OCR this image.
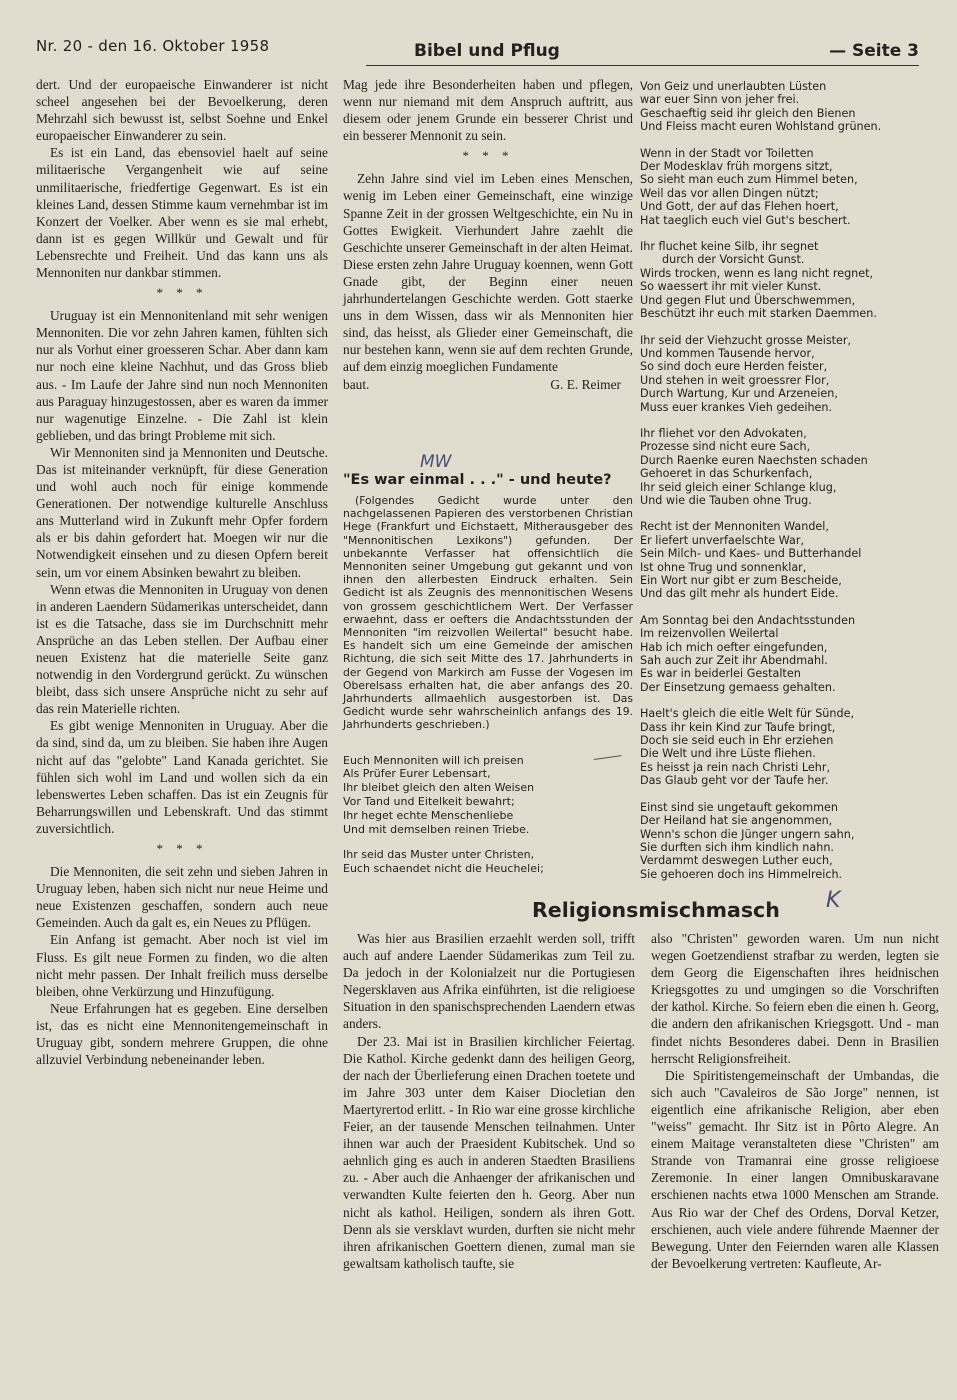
Nr. 20 - den 16. Oktober 1958	Bibel und Pflug	— Seite 3

dert. Und der europaeische Einwanderer ist nicht scheel angesehen bei der Bevoelkerung, deren Mehrzahl sich bewusst ist, selbst Soehne und Enkel europaeischer Einwanderer zu sein.

Es ist ein Land, das ebensoviel haelt auf seine militaerische Vergangenheit wie auf seine unmilitaerische, friedfertige Gegenwart. Es ist ein kleines Land, dessen Stimme kaum vernehmbar ist im Konzert der Voelker. Aber wenn es sie mal erhebt, dann ist es gegen Willkür und Gewalt und für Lebensrechte und Freiheit. Und das kann uns als Mennoniten nur dankbar stimmen.

* * *

Uruguay ist ein Mennonitenland mit sehr wenigen Mennoniten. Die vor zehn Jahren kamen, fühlten sich nur als Vorhut einer groesseren Schar. Aber dann kam nur noch eine kleine Nachhut, und das Gross blieb aus. - Im Laufe der Jahre sind nun noch Mennoniten aus Paraguay hinzugestossen, aber es waren da immer nur wagenutige Einzelne. - Die Zahl ist klein geblieben, und das bringt Probleme mit sich.

Wir Mennoniten sind ja Mennoniten und Deutsche. Das ist miteinander verknüpft, für diese Generation und wohl auch noch für einige kommende Generationen. Der notwendige kulturelle Anschluss ans Mutterland wird in Zukunft mehr Opfer fordern als er bis dahin gefordert hat. Moegen wir nur die Notwendigkeit einsehen und zu diesen Opfern bereit sein, um vor einem Absinken bewahrt zu bleiben.

Wenn etwas die Mennoniten in Uruguay von denen in anderen Laendern Südamerikas unterscheidet, dann ist es die Tatsache, dass sie im Durchschnitt mehr Ansprüche an das Leben stellen. Der Aufbau einer neuen Existenz hat die materielle Seite ganz notwendig in den Vordergrund gerückt. Zu wünschen bleibt, dass sich unsere Ansprüche nicht zu sehr auf das rein Materielle richten.

Es gibt wenige Mennoniten in Uruguay. Aber die da sind, sind da, um zu bleiben. Sie haben ihre Augen nicht auf das "gelobte" Land Kanada gerichtet. Sie fühlen sich wohl im Land und wollen sich da ein lebenswertes Leben schaffen. Das ist ein Zeugnis für Beharrungswillen und Lebenskraft. Und das stimmt zuversichtlich.

* * *

Die Mennoniten, die seit zehn und sieben Jahren in Uruguay leben, haben sich nicht nur neue Heime und neue Existenzen geschaffen, sondern auch neue Gemeinden. Auch da galt es, ein Neues zu Pflügen.

Ein Anfang ist gemacht. Aber noch ist viel im Fluss. Es gilt neue Formen zu finden, wo die alten nicht mehr passen. Der Inhalt freilich muss derselbe bleiben, ohne Verkürzung und Hinzufügung.

Neue Erfahrungen hat es gegeben. Eine derselben ist, das es nicht eine Mennonitengemeinschaft in Uruguay gibt, sondern mehrere Gruppen, die ohne allzuviel Verbindung nebeneinander leben.

Mag jede ihre Besonderheiten haben und pflegen, wenn nur niemand mit dem Anspruch auftritt, aus diesem oder jenem Grunde ein besserer Christ und ein besserer Mennonit zu sein.

* * *

Zehn Jahre sind viel im Leben eines Menschen, wenig im Leben einer Gemeinschaft, eine winzige Spanne Zeit in der grossen Weltgeschichte, ein Nu in Gottes Ewigkeit. Vierhundert Jahre zaehlt die Geschichte unserer Gemeinschaft in der alten Heimat. Diese ersten zehn Jahre Uruguay koennen, wenn Gott Gnade gibt, der Beginn einer neuen jahrhundertelangen Geschichte werden. Gott staerke uns in dem Wissen, dass wir als Mennoniten hier sind, das heisst, als Glieder einer Gemeinschaft, die nur bestehen kann, wenn sie auf dem rechten Grunde, auf dem einzig moeglichen Fundamente

baut.	G. E. Reimer
MW
"Es war einmal . . ." - und heute?

(Folgendes Gedicht wurde unter den nachgelassenen Papieren des verstorbenen Christian Hege (Frankfurt und Eichstaett, Mitherausgeber des "Mennonitischen Lexikons") gefunden. Der unbekannte Verfasser hat offensichtlich die Mennoniten seiner Umgebung gut gekannt und von ihnen den allerbesten Eindruck erhalten. Sein Gedicht ist als Zeugnis des mennonitischen Wesens von grossem geschichtlichem Wert. Der Verfasser erwaehnt, dass er oefters die Andachtsstunden der Mennoniten "im reizvollen Weilertal" besucht habe. Es handelt sich um eine Gemeinde der amischen Richtung, die sich seit Mitte des 17. Jahrhunderts in der Gegend von Markirch am Fusse der Vogesen im Oberelsass erhalten hat, die aber anfangs des 20. Jahrhunderts allmaehlich ausgestorben ist. Das Gedicht wurde sehr wahrscheinlich anfangs des 19. Jahrhunderts geschrieben.)

Euch Mennoniten will ich preisen
Als Prüfer Eurer Lebensart,
Ihr bleibet gleich den alten Weisen
Vor Tand und Eitelkeit bewahrt;
Ihr heget echte Menschenliebe
Und mit demselben reinen Triebe.
Ihr seid das Muster unter Christen,
Euch schaendet nicht die Heuchelei;
Von Geiz und unerlaubten Lüsten
war euer Sinn von jeher frei.
Geschaeftig seid ihr gleich den Bienen
Und Fleiss macht euren Wohlstand grünen.
Wenn in der Stadt vor Toiletten
Der Modesklav früh morgens sitzt,
So sieht man euch zum Himmel beten,
Weil das vor allen Dingen nützt;
Und Gott, der auf das Flehen hoert,
Hat taeglich euch viel Gut's beschert.
Ihr fluchet keine Silb, ihr segnet
durch der Vorsicht Gunst.
Wirds trocken, wenn es lang nicht regnet,
So waessert ihr mit vieler Kunst.
Und gegen Flut und Überschwemmen,
Beschützt ihr euch mit starken Daemmen.
Ihr seid der Viehzucht grosse Meister,
Und kommen Tausende hervor,
So sind doch eure Herden feister,
Und stehen in weit groessrer Flor,
Durch Wartung, Kur und Arzeneien,
Muss euer krankes Vieh gedeihen.
Ihr fliehet vor den Advokaten,
Prozesse sind nicht eure Sach,
Durch Raenke euren Naechsten schaden
Gehoeret in das Schurkenfach,
Ihr seid gleich einer Schlange klug,
Und wie die Tauben ohne Trug.
Recht ist der Mennoniten Wandel,
Er liefert unverfaelschte War,
Sein Milch- und Kaes- und Butterhandel
Ist ohne Trug und sonnenklar,
Ein Wort nur gibt er zum Bescheide,
Und das gilt mehr als hundert Eide.
Am Sonntag bei den Andachtsstunden
Im reizenvollen Weilertal
Hab ich mich oefter eingefunden,
Sah auch zur Zeit ihr Abendmahl.
Es war in beiderlei Gestalten
Der Einsetzung gemaess gehalten.
Haelt's gleich die eitle Welt für Sünde,
Dass ihr kein Kind zur Taufe bringt,
Doch sie seid euch in Ehr erziehen
Die Welt und ihre Lüste fliehen.
Es heisst ja rein nach Christi Lehr,
Das Glaub geht vor der Taufe her.
Einst sind sie ungetauft gekommen
Der Heiland hat sie angenommen,
Wenn's schon die Jünger ungern sahn,
Sie durften sich ihm kindlich nahn.
Verdammt deswegen Luther euch,
Sie gehoeren doch ins Himmelreich.
Religionsmischmasch K

Was hier aus Brasilien erzaehlt werden soll, trifft auch auf andere Laender Südamerikas zum Teil zu. Da jedoch in der Kolonialzeit nur die Portugiesen Negersklaven aus Afrika einführten, ist die religioese Situation in den spanischsprechenden Laendern etwas anders.

Der 23. Mai ist in Brasilien kirchlicher Feiertag. Die Kathol. Kirche gedenkt dann des heiligen Georg, der nach der Überlieferung einen Drachen toetete und im Jahre 303 unter dem Kaiser Diocletian den Maertyrertod erlitt. - In Rio war eine grosse kirchliche Feier, an der tausende Menschen teilnahmen. Unter ihnen war auch der Praesident Kubitschek. Und so aehnlich ging es auch in anderen Staedten Brasiliens zu. - Aber auch die Anhaenger der afrikanischen und verwandten Kulte feierten den h. Georg. Aber nun nicht als kathol. Heiligen, sondern als ihren Gott. Denn als sie versklavt wurden, durften sie nicht mehr ihren afrikanischen Goettern dienen, zumal man sie gewaltsam katholisch taufte, sie

also "Christen" geworden waren. Um nun nicht wegen Goetzendienst strafbar zu werden, legten sie dem Georg die Eigenschaften ihres heidnischen Kriegsgottes zu und umgingen so die Vorschriften der kathol. Kirche. So feiern eben die einen h. Georg, die andern den afrikanischen Kriegsgott. Und - man findet nichts Besonderes dabei. Denn in Brasilien herrscht Religionsfreiheit.

Die Spiritistengemeinschaft der Umbandas, die sich auch "Cavaleiros de São Jorge" nennen, ist eigentlich eine afrikanische Religion, aber eben "weiss" gemacht. Ihr Sitz ist in Pôrto Alegre. An einem Maitage veranstalteten diese "Christen" am Strande von Tramanrai eine grosse religioese Zeremonie. In einer langen Omnibuskaravane erschienen nachts etwa 1000 Menschen am Strande. Aus Rio war der Chef des Ordens, Dorval Ketzer, erschienen, auch viele andere führende Maenner der Bewegung. Unter den Feiernden waren alle Klassen der Bevoelkerung vertreten: Kaufleute, Ar-
